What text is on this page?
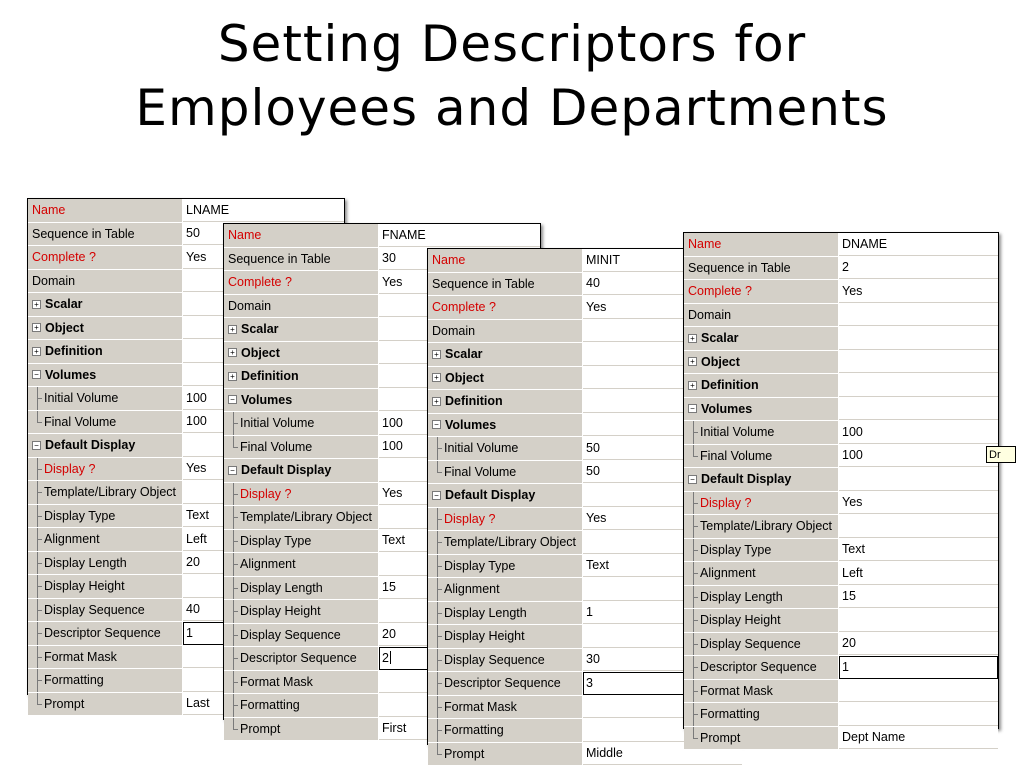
Setting Descriptors for
Employees and Departments
Name	LNAME
Sequence in Table	50
Complete ?	Yes
Domain
+ Scalar
+ Object
+ Definition
− Volumes
Initial Volume	100
Final Volume	100
− Default Display
Display ?	Yes
Template/Library Object
Display Type	Text
Alignment	Left
Display Length	20
Display Height
Display Sequence	40
Descriptor Sequence 1
Format Mask
Formatting
Prompt	Last
Name	FNAME
Sequence in Table	30
Complete ?	Yes
Domain
+ Scalar
+ Object
+ Definition
− Volumes
Initial Volume	100
Final Volume	100
− Default Display
Display ?	Yes
Template/Library Object
Display Type	Text
Alignment
Display Length	15
Display Height
Display Sequence	20
Descriptor Sequence 2
Format Mask
Formatting
Prompt	First
Name	MINIT
Sequence in Table	40
Complete ?	Yes
Domain
+ Scalar
+ Object
+ Definition
− Volumes
Initial Volume	50
Final Volume	50
− Default Display
Display ?	Yes
Template/Library Object
Display Type	Text
Alignment
Display Length	1
Display Height
Display Sequence	30
Descriptor Sequence 3
Format Mask
Formatting
Prompt	Middle
Name	DNAME
Sequence in Table	2
Complete ?	Yes
Domain
+ Scalar
+ Object
+ Definition
− Volumes
Initial Volume	100
Final Volume	100
− Default Display
Display ?	Yes
Template/Library Object
Display Type	Text
Alignment	Left
Display Length	15
Display Height
Display Sequence	20
Descriptor Sequence 1
Format Mask
Formatting
Prompt	Dept Name
Dr
